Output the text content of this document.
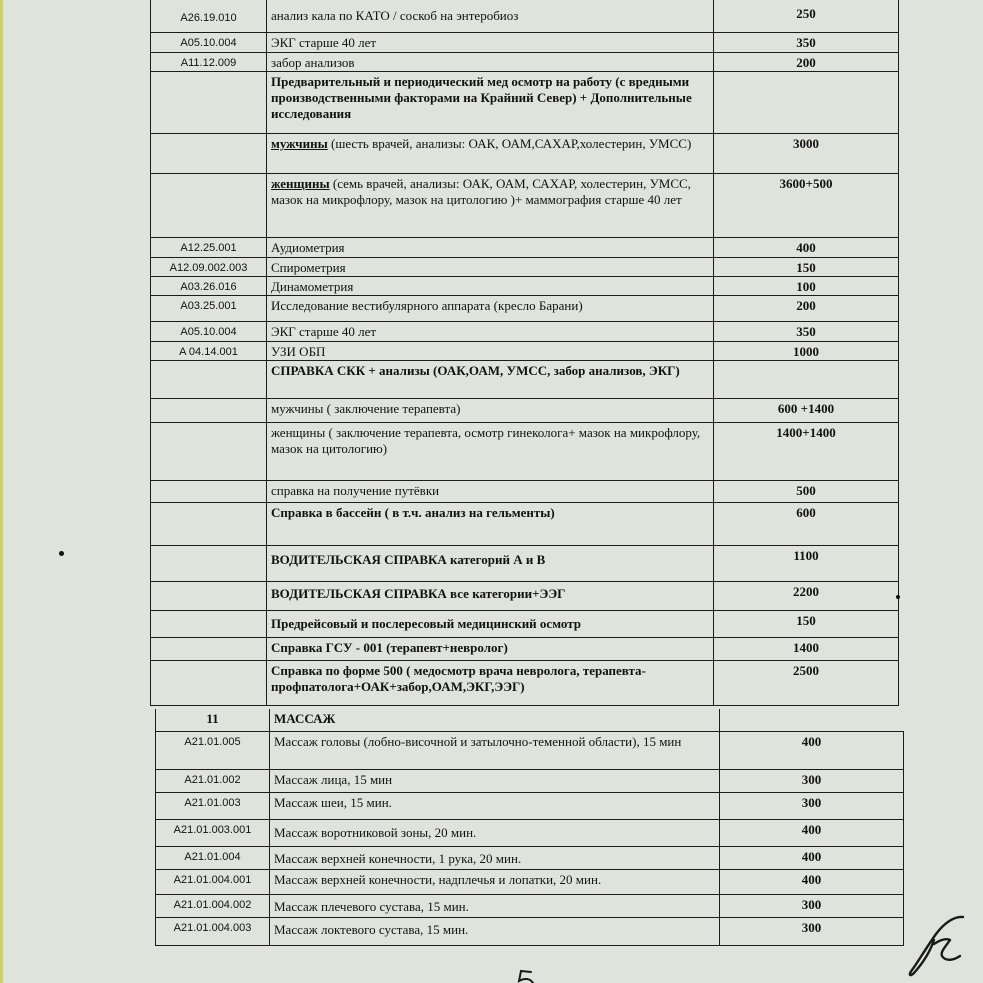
A26.19.010	анализ кала по КАТО / соскоб на энтеробиоз	250
A05.10.004	ЭКГ старше 40 лет	350
A11.12.009	забор анализов	200
	Предварительный и периодический мед осмотр на работу (с вредными производственными факторами на Крайний Север) + Дополнительные исследования	
	мужчины (шесть врачей, анализы: ОАК, ОАМ,САХАР,холестерин, УМСС)	3000
	женщины (семь врачей, анализы: ОАК, ОАМ, САХАР, холестерин, УМСС, мазок на микрофлору, мазок на цитологию )+ маммография старше 40 лет	3600+500
A12.25.001	Аудиометрия	400
A12.09.002.003	Спирометрия	150
A03.26.016	Динамометрия	100
A03.25.001	Исследование вестибулярного аппарата (кресло Барани)	200
A05.10.004	ЭКГ старше 40 лет	350
A 04.14.001	УЗИ ОБП	1000
	СПРАВКА СКК + анализы (ОАК,ОАМ, УМСС, забор анализов, ЭКГ)	
	мужчины ( заключение терапевта)	600 +1400
	женщины ( заключение терапевта, осмотр гинеколога+ мазок на микрофлору, мазок на цитологию)	1400+1400
	справка на получение путёвки	500
	Справка в бассейн ( в т.ч. анализ на гельменты)	600
	ВОДИТЕЛЬСКАЯ СПРАВКА категорий А и В	1100
	ВОДИТЕЛЬСКАЯ СПРАВКА все категории+ЭЭГ	2200
	Предрейсовый и послересовый медицинский осмотр	150
	Справка ГСУ - 001 (терапевт+невролог)	1400
	Справка по форме 500 ( медосмотр врача невролога, терапевта-профпатолога+ОАК+забор,ОАМ,ЭКГ,ЭЭГ)	2500
11	МАССАЖ	
A21.01.005	Массаж головы (лобно-височной и затылочно-теменной области), 15 мин	400
A21.01.002	Массаж лица, 15 мин	300
A21.01.003	Массаж шеи, 15 мин.	300
A21.01.003.001	Массаж воротниковой зоны, 20 мин.	400
A21.01.004	Массаж верхней конечности, 1 рука, 20 мин.	400
A21.01.004.001	Массаж верхней конечности, надплечья и лопатки, 20 мин.	400
A21.01.004.002	Массаж плечевого сустава, 15 мин.	300
A21.01.004.003	Массаж локтевого сустава, 15 мин.	300
